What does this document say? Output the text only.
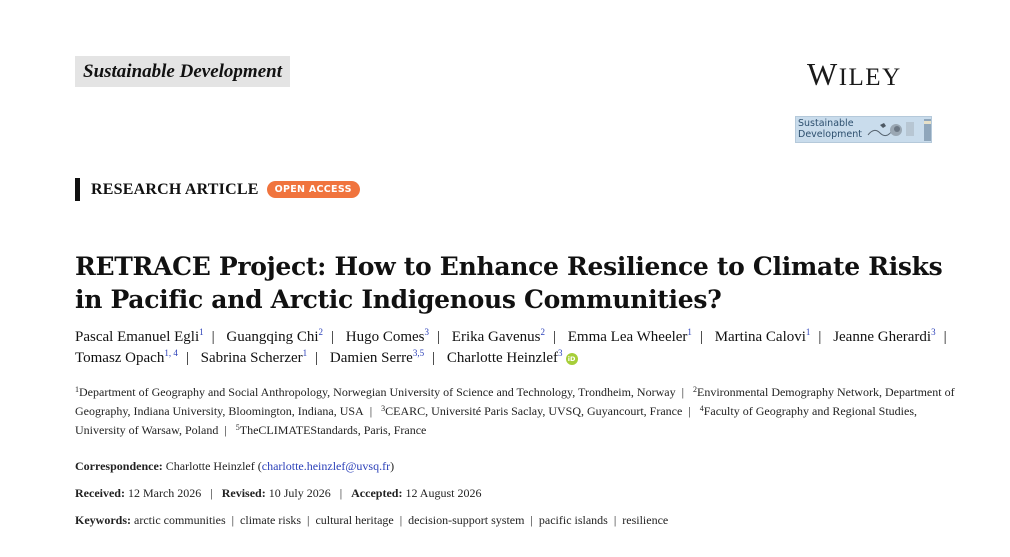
Sustainable Development	WILEY
Sustainable
Development
RESEARCH ARTICLE	OPEN ACCESS
RETRACE Project: How to Enhance Resilience to Climate Risks in Pacific and Arctic Indigenous Communities?
Pascal Emanuel Egli$^1$ | Guangqing Chi$^2$ | Hugo Comes$^3$ | Erika Gavenus$^2$ | Emma Lea Wheeler$^1$ | Martina Calovi$^1$ | Jeanne Gherardi$^3$ | Tomasz Opach$^{1, 4}$ | Sabrina Scherzer$^1$ | Damien Serre$^{3,5}$ | Charlotte Heinzlef$^3$iD
$^1$Department of Geography and Social Anthropology, Norwegian University of Science and Technology, Trondheim, Norway | $^2$Environmental Demography Network, Department of Geography, Indiana University, Bloomington, Indiana, USA | $^3$CEARC, Université Paris Saclay, UVSQ, Guyancourt, France | $^4$Faculty of Geography and Regional Studies, University of Warsaw, Poland | $^5$TheCLIMATEStandards, Paris, France
Correspondence: Charlotte Heinzlef (charlotte.heinzlef@uvsq.fr)
Received: 12 March 2026 | Revised: 10 July 2026 | Accepted: 12 August 2026
Keywords: arctic communities | climate risks | cultural heritage | decision-support system | pacific islands | resilience
